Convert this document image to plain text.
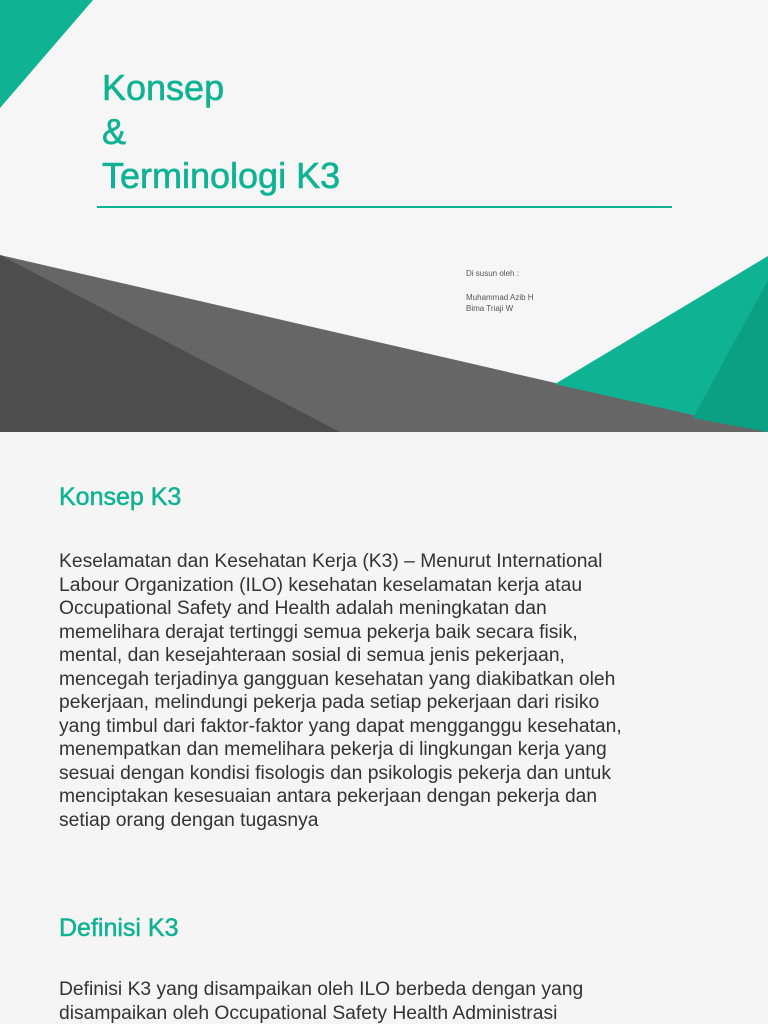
Konsep
&
Terminologi K3
Di susun oleh :
Muhammad Azib H
Bima Triaji W
Konsep K3
Keselamatan dan Kesehatan Kerja (K3) – Menurut International
Labour Organization (ILO) kesehatan keselamatan kerja atau
Occupational Safety and Health adalah meningkatan dan
memelihara derajat tertinggi semua pekerja baik secara fisik,
mental, dan kesejahteraan sosial di semua jenis pekerjaan,
mencegah terjadinya gangguan kesehatan yang diakibatkan oleh
pekerjaan, melindungi pekerja pada setiap pekerjaan dari risiko
yang timbul dari faktor-faktor yang dapat mengganggu kesehatan,
menempatkan dan memelihara pekerja di lingkungan kerja yang
sesuai dengan kondisi fisologis dan psikologis pekerja dan untuk
menciptakan kesesuaian antara pekerjaan dengan pekerja dan
setiap orang dengan tugasnya
Definisi K3
Definisi K3 yang disampaikan oleh ILO berbeda dengan yang
disampaikan oleh Occupational Safety Health Administrasi
